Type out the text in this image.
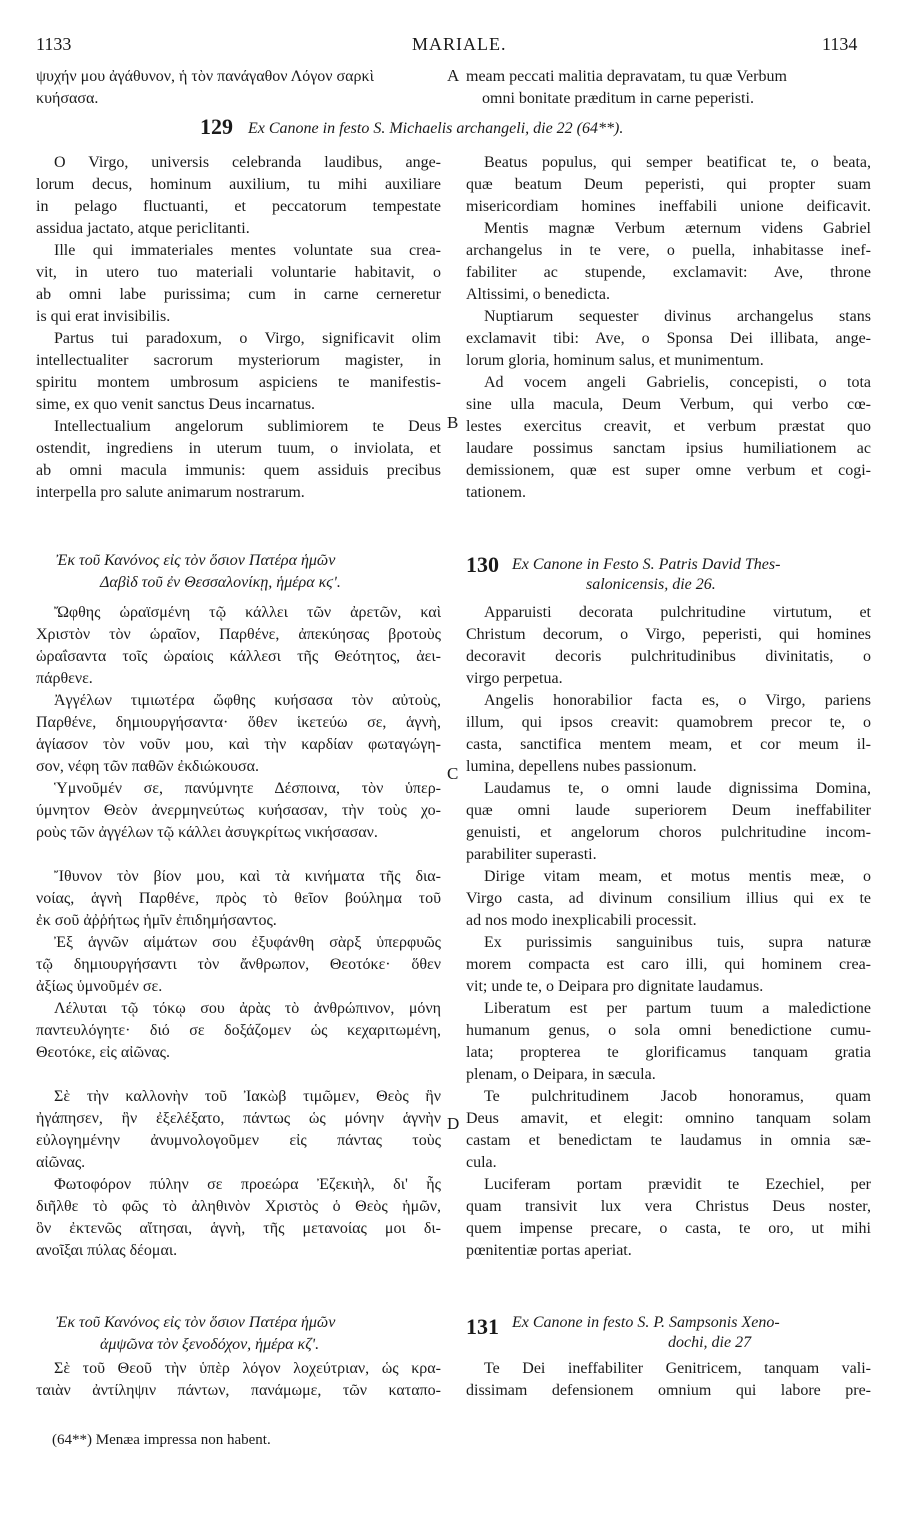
1133	MARIALE.	1134
ψυχήν μου ἀγάθυνον, ἡ τὸν πανάγαθον Λόγον σαρκὶ
κυήσασα.
A meam peccati malitia depravatam, tu quæ Verbum
omni bonitate præditum in carne peperisti.
129 Ex Canone in festo S. Michaelis archangeli, die 22 (64**).
O Virgo, universis celebranda laudibus, ange-
lorum decus, hominum auxilium, tu mihi auxiliare
in pelago fluctuanti, et peccatorum tempestate
assidua jactato, atque periclitanti.
Ille qui immateriales mentes voluntate sua crea-
vit, in utero tuo materiali voluntarie habitavit, o
ab omni labe purissima; cum in carne cerneretur
is qui erat invisibilis.
Partus tui paradoxum, o Virgo, significavit olim
intellectualiter sacrorum mysteriorum magister, in
spiritu montem umbrosum aspiciens te manifestis-
sime, ex quo venit sanctus Deus incarnatus.
Intellectualium angelorum sublimiorem te Deus
ostendit, ingrediens in uterum tuum, o inviolata, et
ab omni macula immunis: quem assiduis precibus
interpella pro salute animarum nostrarum.
B
Beatus populus, qui semper beatificat te, o beata,
quæ beatum Deum peperisti, qui propter suam
misericordiam homines ineffabili unione deificavit.
Mentis magnæ Verbum æternum videns Gabriel
archangelus in te vere, o puella, inhabitasse inef-
fabiliter ac stupende, exclamavit: Ave, throne
Altissimi, o benedicta.
Nuptiarum sequester divinus archangelus stans
exclamavit tibi: Ave, o Sponsa Dei illibata, ange-
lorum gloria, hominum salus, et munimentum.
Ad vocem angeli Gabrielis, concepisti, o tota
sine ulla macula, Deum Verbum, qui verbo cœ-
lestes exercitus creavit, et verbum præstat quo
laudare possimus sanctam ipsius humiliationem ac
demissionem, quæ est super omne verbum et cogi-
tationem.
Ἐκ τοῦ Κανόνος εἰς τὸν ὅσιον Πατέρα ἡμῶν
Δαβὶδ τοῦ ἐν Θεσσαλονίκῃ, ἡμέρα κϛʹ.
130 Ex Canone in Festo S. Patris David Thes-
salonicensis, die 26.
Ὤφθης ὡραϊσμένη τῷ κάλλει τῶν ἀρετῶν, καὶ
Χριστὸν τὸν ὡραῖον, Παρθένε, ἀπεκύησας βροτοὺς
ὡραΐσαντα τοῖς ὡραίοις κάλλεσι τῆς Θεότητος, ἀει-
πάρθενε.
Ἀγγέλων τιμιωτέρα ὤφθης κυήσασα τὸν αὐτοὺς,
Παρθένε, δημιουργήσαντα· ὅθεν ἱκετεύω σε, ἁγνὴ,
ἁγίασον τὸν νοῦν μου, καὶ τὴν καρδίαν φωταγώγη-
σον, νέφη τῶν παθῶν ἐκδιώκουσα.
Ὑμνοῦμέν σε, πανύμνητε Δέσποινα, τὸν ὑπερ-
ύμνητον Θεὸν ἀνερμηνεύτως κυήσασαν, τὴν τοὺς χο-
ροὺς τῶν ἀγγέλων τῷ κάλλει ἀσυγκρίτως νικήσασαν.
Ἴθυνον τὸν βίον μου, καὶ τὰ κινήματα τῆς δια-
νοίας, ἁγνὴ Παρθένε, πρὸς τὸ θεῖον βούλημα τοῦ
ἐκ σοῦ ἀῤῥήτως ἡμῖν ἐπιδημήσαντος.
Ἐξ ἁγνῶν αἱμάτων σου ἐξυφάνθη σὰρξ ὑπερφυῶς
τῷ δημιουργήσαντι τὸν ἄνθρωπον, Θεοτόκε· ὅθεν
ἀξίως ὑμνοῦμέν σε.
Λέλυται τῷ τόκῳ σου ἀρὰς τὸ ἀνθρώπινον, μόνη
παντευλόγητε· διό σε δοξάζομεν ὡς κεχαριτωμένη,
Θεοτόκε, εἰς αἰῶνας.
Σὲ τὴν καλλονὴν τοῦ Ἰακὼβ τιμῶμεν, Θεὸς ἣν
ἠγάπησεν, ἣν ἐξελέξατο, πάντως ὡς μόνην ἁγνὴν
εὐλογημένην ἀνυμνολογοῦμεν εἰς πάντας τοὺς
αἰῶνας.
Φωτοφόρον πύλην σε προεώρα Ἐζεκιὴλ, δι' ἧς
διῆλθε τὸ φῶς τὸ ἀληθινὸν Χριστὸς ὁ Θεὸς ἡμῶν,
ὃν ἐκτενῶς αἴτησαι, ἁγνὴ, τῆς μετανοίας μοι δι-
ανοῖξαι πύλας δέομαι.
C
D
Apparuisti decorata pulchritudine virtutum, et
Christum decorum, o Virgo, peperisti, qui homines
decoravit decoris pulchritudinibus divinitatis, o
virgo perpetua.
Angelis honorabilior facta es, o Virgo, pariens
illum, qui ipsos creavit: quamobrem precor te, o
casta, sanctifica mentem meam, et cor meum il-
lumina, depellens nubes passionum.
Laudamus te, o omni laude dignissima Domina,
quæ omni laude superiorem Deum ineffabiliter
genuisti, et angelorum choros pulchritudine incom-
parabiliter superasti.
Dirige vitam meam, et motus mentis meæ, o
Virgo casta, ad divinum consilium illius qui ex te
ad nos modo inexplicabili processit.
Ex purissimis sanguinibus tuis, supra naturæ
morem compacta est caro illi, qui hominem crea-
vit; unde te, o Deipara pro dignitate laudamus.
Liberatum est per partum tuum a maledictione
humanum genus, o sola omni benedictione cumu-
lata; propterea te glorificamus tanquam gratia
plenam, o Deipara, in sæcula.
Te pulchritudinem Jacob honoramus, quam
Deus amavit, et elegit: omnino tanquam solam
castam et benedictam te laudamus in omnia sæ-
cula.
Luciferam portam prævidit te Ezechiel, per
quam transivit lux vera Christus Deus noster,
quem impense precare, o casta, te oro, ut mihi
pœnitentiæ portas aperiat.
Ἐκ τοῦ Κανόνος εἰς τὸν ὅσιον Πατέρα ἡμῶν
ἀμψῶνα τὸν ξενοδόχον, ἡμέρα κζʹ.
Σὲ τοῦ Θεοῦ τὴν ὑπὲρ λόγον λοχεύτριαν, ὡς κρα-
ταιὰν ἀντίληψιν πάντων, πανάμωμε, τῶν καταπο-
131 Ex Canone in festo S. P. Sampsonis Xeno-
dochi, die 27
Te Dei ineffabiliter Genitricem, tanquam vali-
dissimam defensionem omnium qui labore pre-
(64**) Menæa impressa non habent.
